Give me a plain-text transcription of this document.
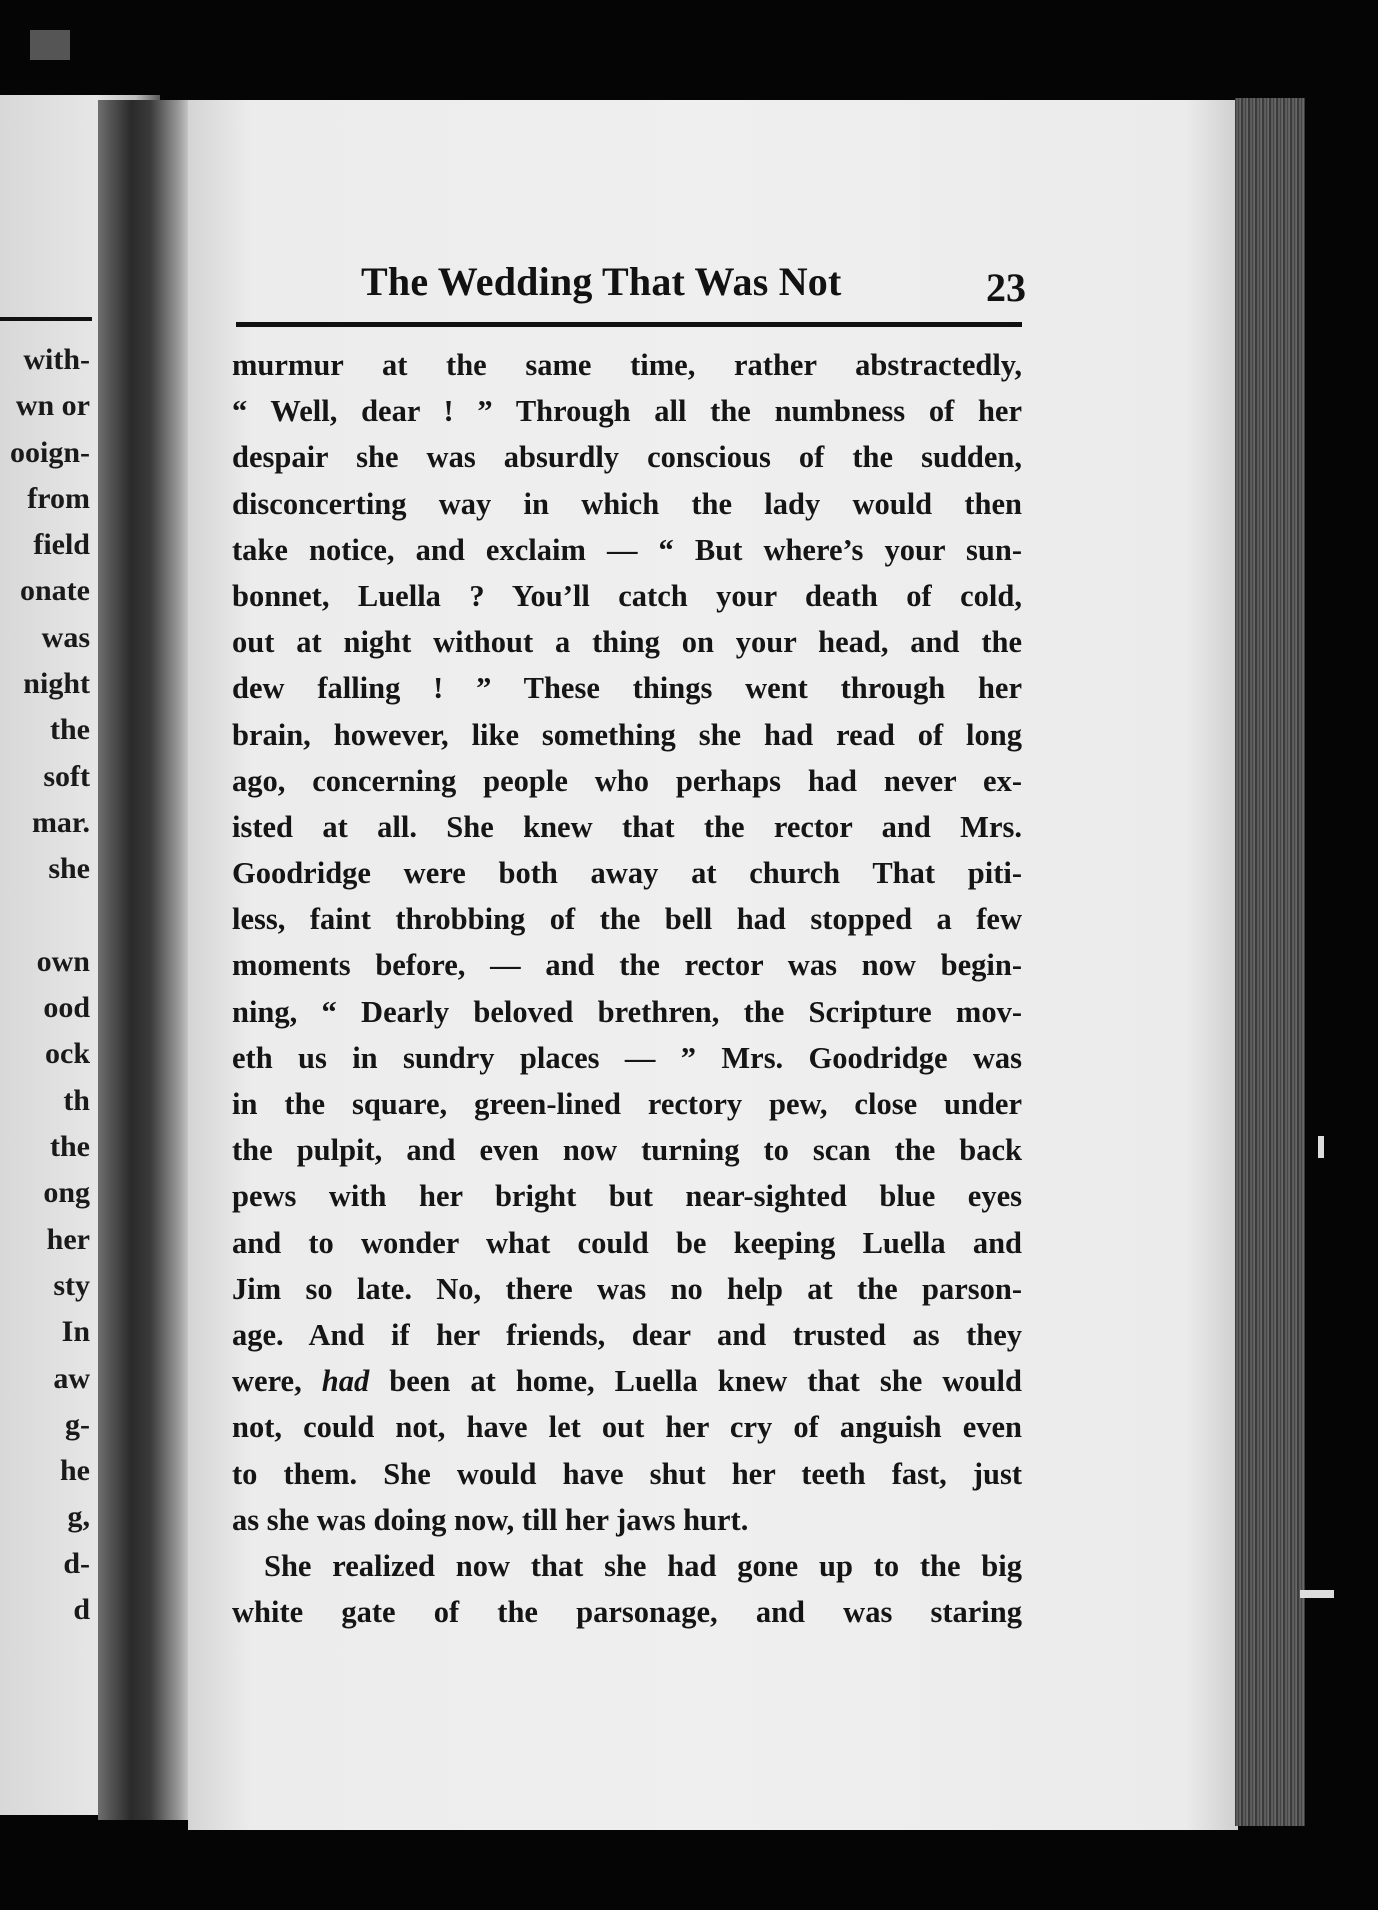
with-
wn or
ooign-
from
field
onate
was
night
the
soft
mar.
she
own
ood
ock
th
the
ong
her
sty
In
aw
g-
he
g,
d-
d
The Wedding That Was Not	23
murmur at the same time, rather abstractedly,
“ Well, dear ! ” Through all the numbness of her
despair she was absurdly conscious of the sudden,
disconcerting way in which the lady would then
take notice, and exclaim — “ But where’s your sun-
bonnet, Luella ? You’ll catch your death of cold,
out at night without a thing on your head, and the
dew falling ! ” These things went through her
brain, however, like something she had read of long
ago, concerning people who perhaps had never ex-
isted at all. She knew that the rector and Mrs.
Goodridge were both away at church That piti-
less, faint throbbing of the bell had stopped a few
moments before, — and the rector was now begin-
ning, “ Dearly beloved brethren, the Scripture mov-
eth us in sundry places — ” Mrs. Goodridge was
in the square, green-lined rectory pew, close under
the pulpit, and even now turning to scan the back
pews with her bright but near-sighted blue eyes
and to wonder what could be keeping Luella and
Jim so late. No, there was no help at the parson-
age. And if her friends, dear and trusted as they
were, had been at home, Luella knew that she would
not, could not, have let out her cry of anguish even
to them. She would have shut her teeth fast, just
as she was doing now, till her jaws hurt.
She realized now that she had gone up to the big
white gate of the parsonage, and was staring
